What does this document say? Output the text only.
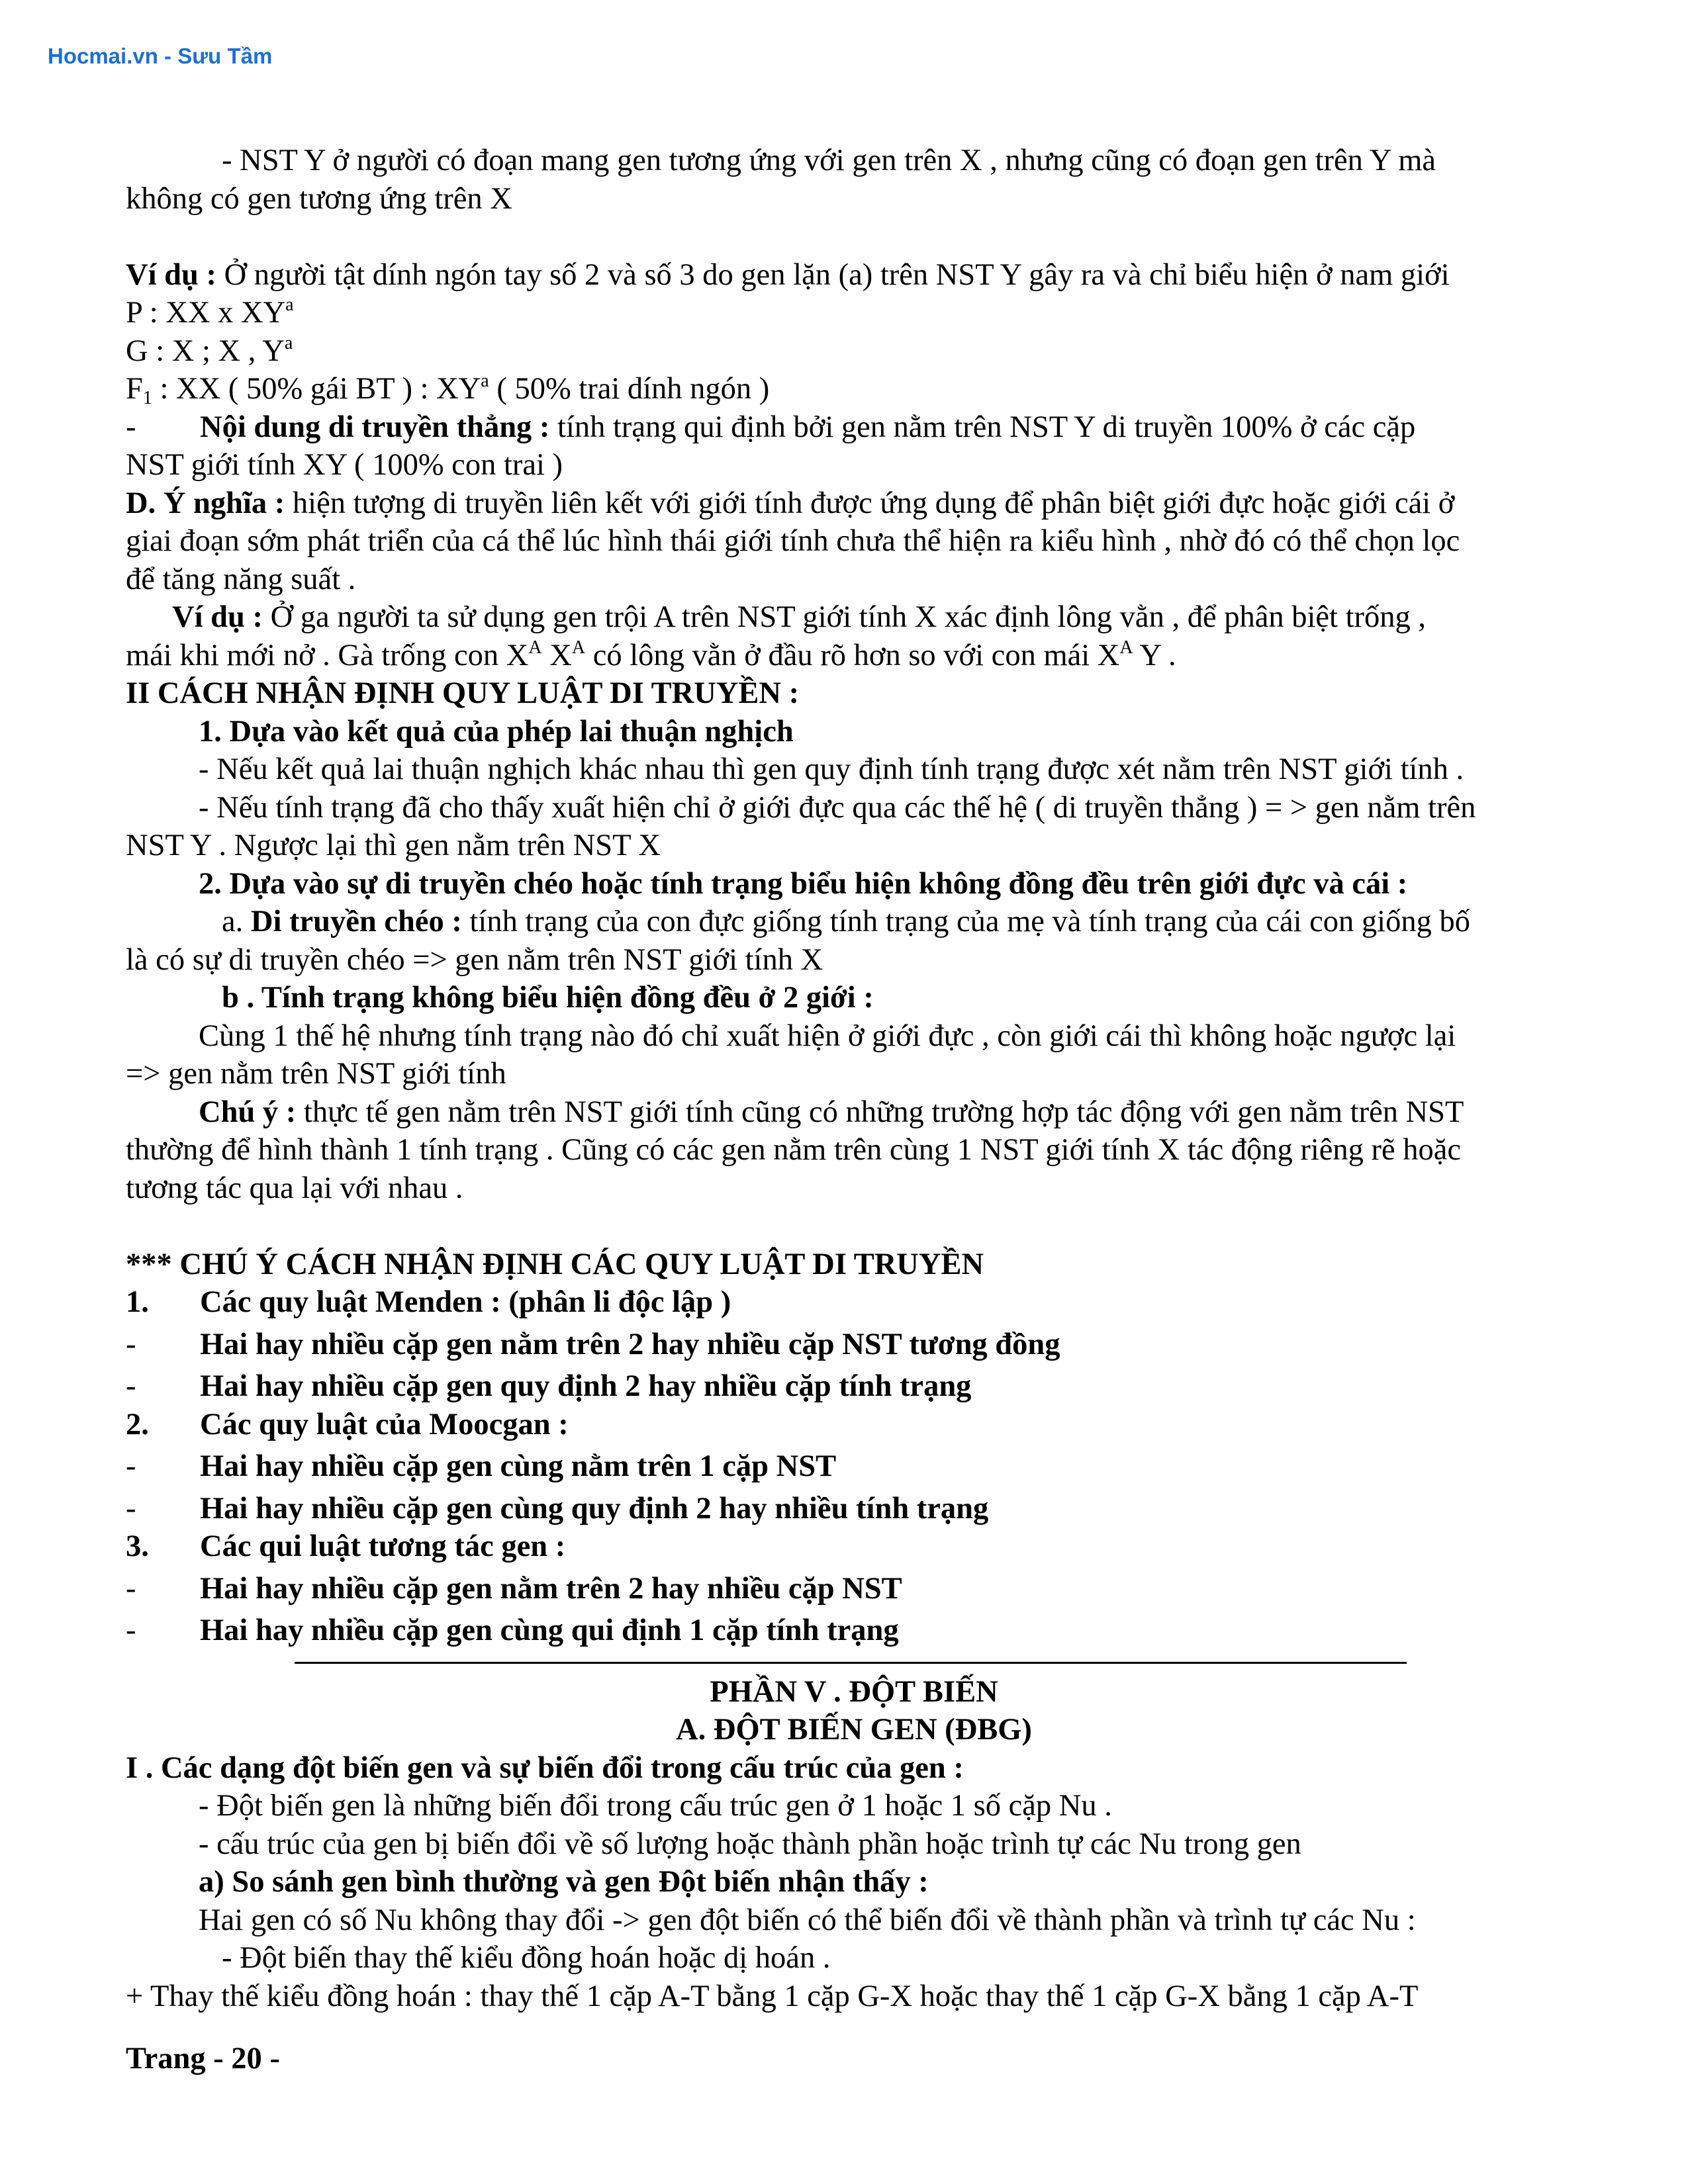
Hocmai.vn - Sưu Tầm
- NST Y ở người có đoạn mang gen tương ứng với gen trên X , nhưng cũng có đoạn gen trên Y mà
không có gen tương ứng trên X
Ví dụ : Ở người tật dính ngón tay số 2 và số 3 do gen lặn (a) trên NST Y gây ra và chỉ biểu hiện ở nam giới
P : XX x $XY^a$
G : X ; X , $Y^a$
$F_1$ : XX ( 50% gái BT ) : $XY^a$ ( 50% trai dính ngón )
-Nội dung di truyền thẳng : tính trạng qui định bởi gen nằm trên NST Y di truyền 100% ở các cặp
NST giới tính XY ( 100% con trai )
D. Ý nghĩa : hiện tượng di truyền liên kết với giới tính được ứng dụng để phân biệt giới đực hoặc giới cái ở
giai đoạn sớm phát triển của cá thể lúc hình thái giới tính chưa thể hiện ra kiểu hình , nhờ đó có thể chọn lọc
để tăng năng suất .
Ví dụ : Ở ga người ta sử dụng gen trội A trên NST giới tính X xác định lông vằn , để phân biệt trống ,
mái khi mới nở . Gà trống con $X^A$ $X^A$ có lông vằn ở đầu rõ hơn so với con mái $X^A$ Y .
II CÁCH NHẬN ĐỊNH QUY LUẬT DI TRUYỀN :
1. Dựa vào kết quả của phép lai thuận nghịch
- Nếu kết quả lai thuận nghịch khác nhau thì gen quy định tính trạng được xét nằm trên NST giới tính .
- Nếu tính trạng đã cho thấy xuất hiện chỉ ở giới đực qua các thế hệ ( di truyền thẳng ) = > gen nằm trên
NST Y . Ngược lại thì gen nằm trên NST X
2. Dựa vào sự di truyền chéo hoặc tính trạng biểu hiện không đồng đều trên giới đực và cái :
a. Di truyền chéo : tính trạng của con đực giống tính trạng của mẹ và tính trạng của cái con giống bố
là có sự di truyền chéo => gen nằm trên NST giới tính X
b . Tính trạng không biểu hiện đồng đều ở 2 giới :
Cùng 1 thế hệ nhưng tính trạng nào đó chỉ xuất hiện ở giới đực , còn giới cái thì không hoặc ngược lại
=> gen nằm trên NST giới tính
Chú ý : thực tế gen nằm trên NST giới tính cũng có những trường hợp tác động với gen nằm trên NST
thường để hình thành 1 tính trạng . Cũng có các gen nằm trên cùng 1 NST giới tính X tác động riêng rẽ hoặc
tương tác qua lại với nhau .
*** CHÚ Ý CÁCH NHẬN ĐỊNH CÁC QUY LUẬT DI TRUYỀN
1. Các quy luật Menden : (phân li độc lập )
- Hai hay nhiều cặp gen nằm trên 2 hay nhiều cặp NST tương đồng
- Hai hay nhiều cặp gen quy định 2 hay nhiều cặp tính trạng
2. Các quy luật của Moocgan :
- Hai hay nhiều cặp gen cùng nằm trên 1 cặp NST
- Hai hay nhiều cặp gen cùng quy định 2 hay nhiều tính trạng
3. Các qui luật tương tác gen :
- Hai hay nhiều cặp gen nằm trên 2 hay nhiều cặp NST
- Hai hay nhiều cặp gen cùng qui định 1 cặp tính trạng
PHẦN V . ĐỘT BIẾN
A. ĐỘT BIẾN GEN (ĐBG)
I . Các dạng đột biến gen và sự biến đổi trong cấu trúc của gen :
- Đột biến gen là những biến đổi trong cấu trúc gen ở 1 hoặc 1 số cặp Nu .
- cấu trúc của gen bị biến đổi về số lượng hoặc thành phần hoặc trình tự các Nu trong gen
a) So sánh gen bình thường và gen Đột biến nhận thấy :
Hai gen có số Nu không thay đổi -> gen đột biến có thể biến đổi về thành phần và trình tự các Nu :
- Đột biến thay thế kiểu đồng hoán hoặc dị hoán .
+ Thay thế kiểu đồng hoán : thay thế 1 cặp A-T bằng 1 cặp G-X hoặc thay thế 1 cặp G-X bằng 1 cặp A-T
Trang - 20 -
